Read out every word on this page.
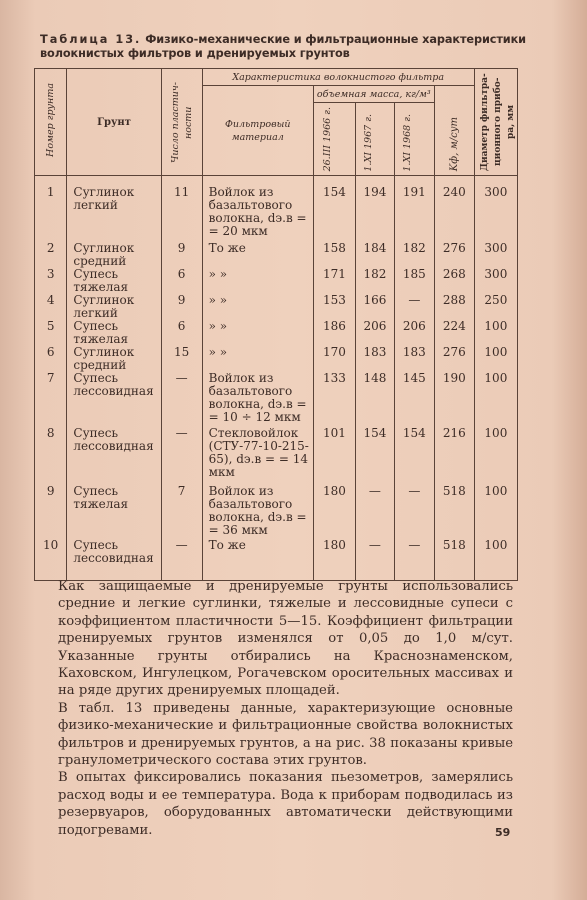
Таблица 13. Физико-механические и фильтрационные характеристики волокнистых фильтров и дренируемых грунтов
Номер грунта	Грунт	Число пластич-ности	Характеристика волокнистого фильтра					Диаметр фильтра-ционного прибо-ра, мм
			Фильтровый материал	объемная масса, кг/м³			Kф, м/сут	
				26.III 1966 г.	1.XI 1967 г.	1.XI 1968 г.		
1	Суглинок легкий	11	Войлок из базальтового волокна, dэ.в = = 20 мкм	154	194	191	240	300
2	Суглинок средний	9	То же	158	184	182	276	300
3	Супесь тяжелая	6	» »	171	182	185	268	300
4	Суглинок легкий	9	» »	153	166	—	288	250
5	Супесь тяжелая	6	» »	186	206	206	224	100
6	Суглинок средний	15	» »	170	183	183	276	100
7	Супесь лессовидная	—	Войлок из базальтового волокна, dэ.в = = 10 ÷ 12 мкм	133	148	145	190	100
8	Супесь лессовидная	—	Стекловойлок (СТУ-77-10-215-65), dэ.в = = 14 мкм	101	154	154	216	100
9	Супесь тяжелая	7	Войлок из базальтового волокна, dэ.в = = 36 мкм	180	—	—	518	100
10	Супесь лессовидная	—	То же	180	—	—	518	100

Как защищаемые и дренируемые грунты использовались средние и легкие суглинки, тяжелые и лессовидные супеси с коэффициентом пластичности 5—15. Коэффициент фильтрации дренируемых грунтов изменялся от 0,05 до 1,0 м/сут. Указанные грунты отбирались на Краснознаменском, Каховском, Ингулецком, Рогачевском оросительных массивах и на ряде других дренируемых площадей.

В табл. 13 приведены данные, характеризующие основные физико-механические и фильтрационные свойства волокнистых фильтров и дренируемых грунтов, а на рис. 38 показаны кривые гранулометрического состава этих грунтов.

В опытах фиксировались показания пьезометров, замерялись расход воды и ее температура. Вода к приборам подводилась из резервуаров, оборудованных автоматически действующими подогревами.	59
